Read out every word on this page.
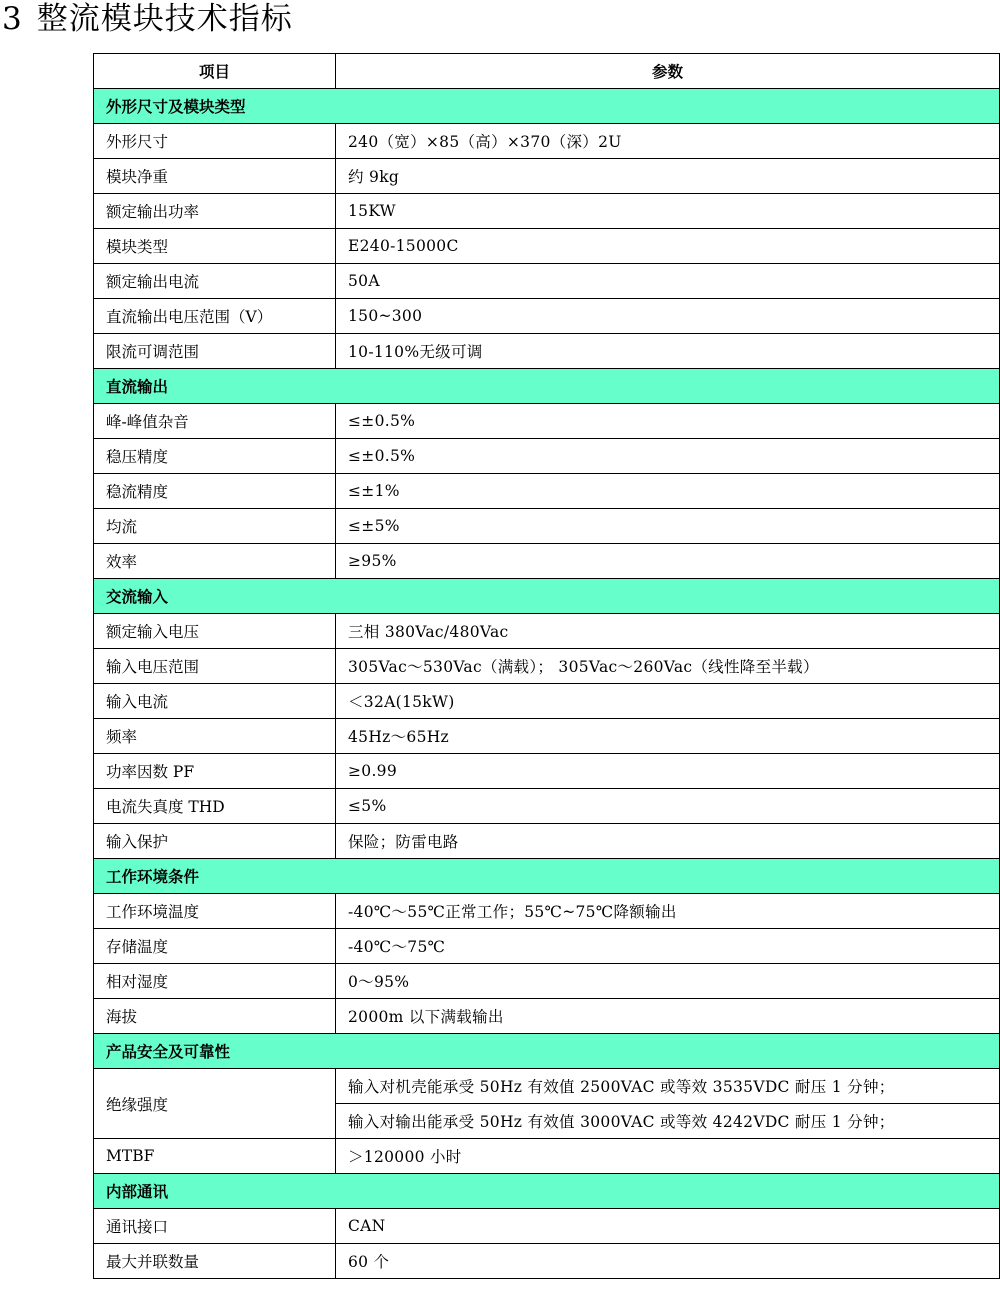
3 整流模块技术指标
项目	参数
外形尺寸及模块类型	
外形尺寸	240（宽）×85（高）×370（深）2U
模块净重	约 9kg
额定输出功率	15KW
模块类型	E240-15000C
额定输出电流	50A
直流输出电压范围（V）	150~300
限流可调范围	10-110%无级可调
直流输出	
峰-峰值杂音	≤±0.5%
稳压精度	≤±0.5%
稳流精度	≤±1%
均流	≤±5%
效率	≥95%
交流输入	
额定输入电压	三相 380Vac/480Vac
输入电压范围	305Vac～530Vac（满载）； 305Vac～260Vac（线性降至半载）
输入电流	＜32A(15kW)
频率	45Hz～65Hz
功率因数 PF	≥0.99
电流失真度 THD	≤5%
输入保护	保险；防雷电路
工作环境条件	
工作环境温度	-40℃～55℃正常工作；55℃~75℃降额输出
存储温度	-40℃～75℃
相对湿度	0～95%
海拔	2000m 以下满载输出
产品安全及可靠性	
绝缘强度	输入对机壳能承受 50Hz 有效值 2500VAC 或等效 3535VDC 耐压 1 分钟；
	输入对输出能承受 50Hz 有效值 3000VAC 或等效 4242VDC 耐压 1 分钟；
MTBF	＞120000 小时
内部通讯	
通讯接口	CAN
最大并联数量	60 个
